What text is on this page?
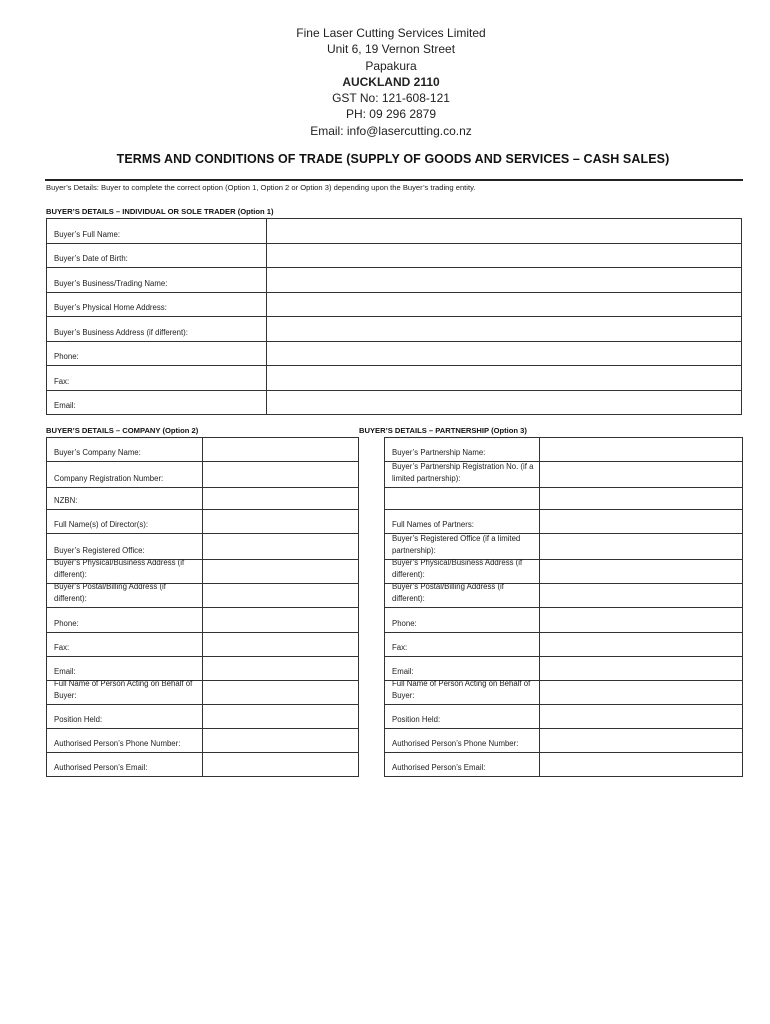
Fine Laser Cutting Services Limited
Unit 6, 19 Vernon Street
Papakura
AUCKLAND 2110
GST No: 121-608-121
PH: 09 296 2879
Email: info@lasercutting.co.nz
TERMS AND CONDITIONS OF TRADE (SUPPLY OF GOODS AND SERVICES – CASH SALES)
Buyer’s Details: Buyer to complete the correct option (Option 1, Option 2 or Option 3) depending upon the Buyer’s trading entity.
BUYER’S DETAILS – INDIVIDUAL OR SOLE TRADER (Option 1)
Buyer’s Full Name:
Buyer’s Date of Birth:
Buyer’s Business/Trading Name:
Buyer’s Physical Home Address:
Buyer’s Business Address (if different):
Phone:
Fax:
Email:
BUYER’S DETAILS – COMPANY (Option 2)	BUYER’S DETAILS – PARTNERSHIP (Option 3)
Buyer’s Company Name:	Buyer’s Partnership Name:
Company Registration Number:
Buyer’s Partnership Registration No. (if a limited partnership):
NZBN:
Full Name(s) of Director(s):	Full Names of Partners:
Buyer’s Registered Office:
Buyer’s Registered Office (if a limited partnership):
Buyer’s Physical/Business Address (if different):
Buyer’s Physical/Business Address (if different):
Buyer’s Postal/Billing Address (if different):
Buyer’s Postal/Billing Address (if different):
Phone:	Phone:
Fax:	Fax:
Email:	Email:
Full Name of Person Acting on Behalf of Buyer:
Full Name of Person Acting on Behalf of Buyer:
Position Held:	Position Held:
Authorised Person’s Phone Number:	Authorised Person’s Phone Number:
Authorised Person’s Email:	Authorised Person’s Email:
